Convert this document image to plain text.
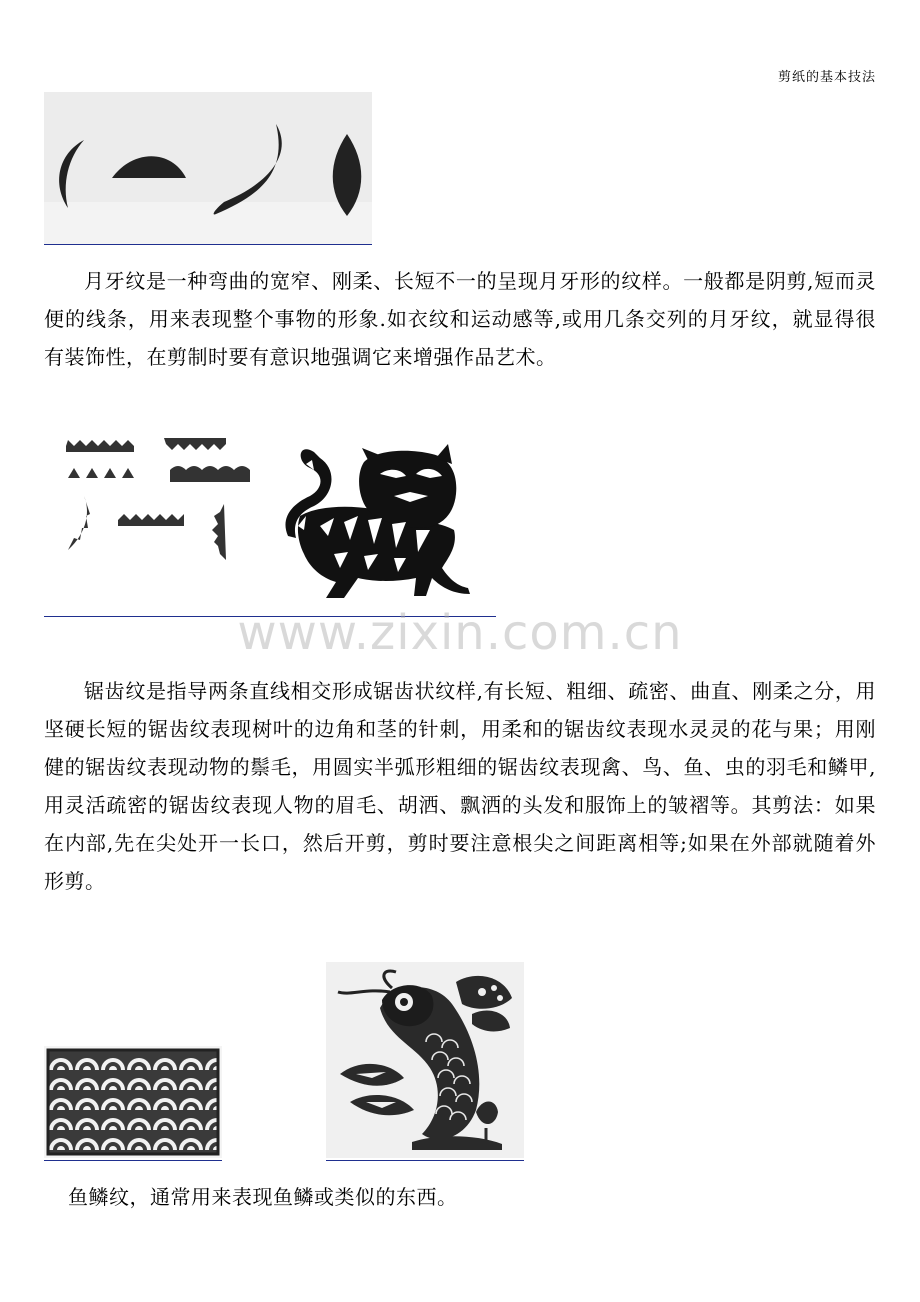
剪纸的基本技法

月牙纹是一种弯曲的宽窄、刚柔、长短不一的呈现月牙形的纹样。一般都是阴剪,短而灵便的线条，用来表现整个事物的形象.如衣纹和运动感等,或用几条交列的月牙纹，就显得很有装饰性，在剪制时要有意识地强调它来增强作品艺术。

www.zixin.com.cn

锯齿纹是指导两条直线相交形成锯齿状纹样,有长短、粗细、疏密、曲直、刚柔之分，用坚硬长短的锯齿纹表现树叶的边角和茎的针刺，用柔和的锯齿纹表现水灵灵的花与果；用刚健的锯齿纹表现动物的鬃毛，用圆实半弧形粗细的锯齿纹表现禽、鸟、鱼、虫的羽毛和鳞甲,用灵活疏密的锯齿纹表现人物的眉毛、胡洒、飘洒的头发和服饰上的皱褶等。其剪法：如果在内部,先在尖处开一长口，然后开剪，剪时要注意根尖之间距离相等;如果在外部就随着外形剪。

鱼鳞纹，通常用来表现鱼鳞或类似的东西。
